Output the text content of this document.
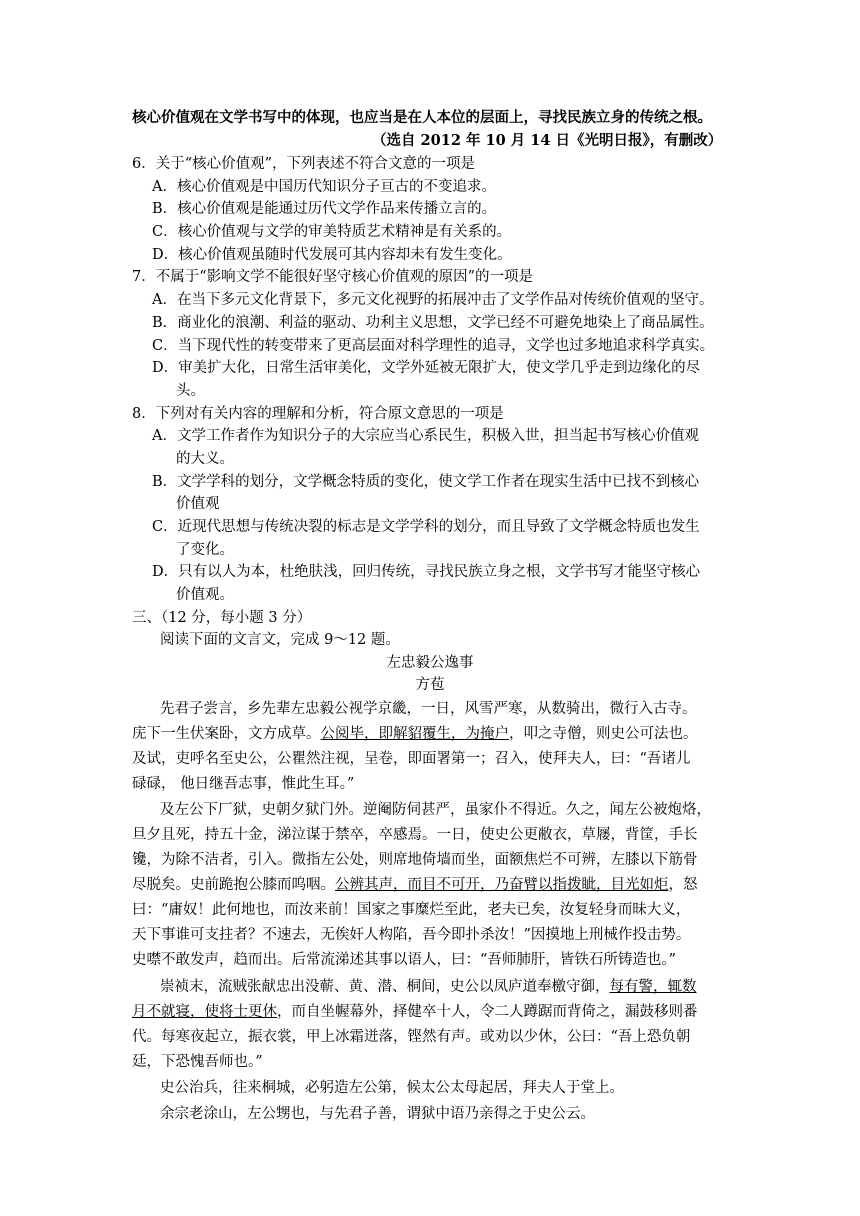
核心价值观在文学书写中的体现，也应当是在人本位的层面上，寻找民族立身的传统之根。
（选自 2012 年 10 月 14 日《光明日报》，有删改）
6．关于“核心价值观”，下列表述不符合文意的一项是
A．核心价值观是中国历代知识分子亘古的不变追求。
B．核心价值观是能通过历代文学作品来传播立言的。
C．核心价值观与文学的审美特质艺术精神是有关系的。
D．核心价值观虽随时代发展可其内容却未有发生变化。
7．不属于“影响文学不能很好坚守核心价值观的原因”的一项是
A．在当下多元文化背景下，多元文化视野的拓展冲击了文学作品对传统价值观的坚守。
B．商业化的浪潮、利益的驱动、功利主义思想，文学已经不可避免地染上了商品属性。
C．当下现代性的转变带来了更高层面对科学理性的追寻，文学也过多地追求科学真实。
D．审美扩大化，日常生活审美化，文学外延被无限扩大，使文学几乎走到边缘化的尽
头。
8．下列对有关内容的理解和分析，符合原文意思的一项是
A．文学工作者作为知识分子的大宗应当心系民生，积极入世，担当起书写核心价值观
的大义。
B．文学学科的划分，文学概念特质的变化，使文学工作者在现实生活中已找不到核心
价值观
C．近现代思想与传统决裂的标志是文学学科的划分，而且导致了文学概念特质也发生
了变化。
D．只有以人为本，杜绝肤浅，回归传统，寻找民族立身之根，文学书写才能坚守核心
价值观。
三、（12 分，每小题 3 分）
阅读下面的文言文，完成 9～12 题。
左忠毅公逸事
方苞
先君子尝言，乡先辈左忠毅公视学京畿，一日，风雪严寒，从数骑出，微行入古寺。
庑下一生伏案卧，文方成草。公阅毕，即解貂覆生，为掩户，叩之寺僧，则史公可法也。
及试，吏呼名至史公，公瞿然注视，呈卷，即面署第一；召入，使拜夫人，曰：“吾诸儿
碌碌， 他日继吾志事，惟此生耳。”
及左公下厂狱，史朝夕狱门外。逆阉防伺甚严，虽家仆不得近。久之，闻左公被炮烙，
旦夕且死，持五十金，涕泣谋于禁卒，卒感焉。一日，使史公更敝衣，草屦，背筐，手长
镵，为除不洁者，引入。微指左公处，则席地倚墙而坐，面额焦烂不可辨，左膝以下筋骨
尽脱矣。史前跪抱公膝而呜咽。公辨其声，而目不可开，乃奋臂以指拨眦，目光如炬，怒
曰：“庸奴！此何地也，而汝来前！国家之事糜烂至此，老夫已矣，汝复轻身而昧大义，
天下事谁可支拄者？不速去，无俟奸人构陷，吾今即扑杀汝！”因摸地上刑械作投击势。
史噤不敢发声，趋而出。后常流涕述其事以语人，曰：“吾师肺肝，皆铁石所铸造也。”
崇祯末，流贼张献忠出没蕲、黄、潜、桐间，史公以凤庐道奉檄守御，每有警，辄数
月不就寝，使将士更休，而自坐幄幕外，择健卒十人，令二人蹲踞而背倚之，漏鼓移则番
代。每寒夜起立，振衣裳，甲上冰霜迸落，铿然有声。或劝以少休，公曰：“吾上恐负朝
廷，下恐愧吾师也。”
史公治兵，往来桐城，必躬造左公第，候太公太母起居，拜夫人于堂上。
余宗老涂山，左公甥也，与先君子善，谓狱中语乃亲得之于史公云。
